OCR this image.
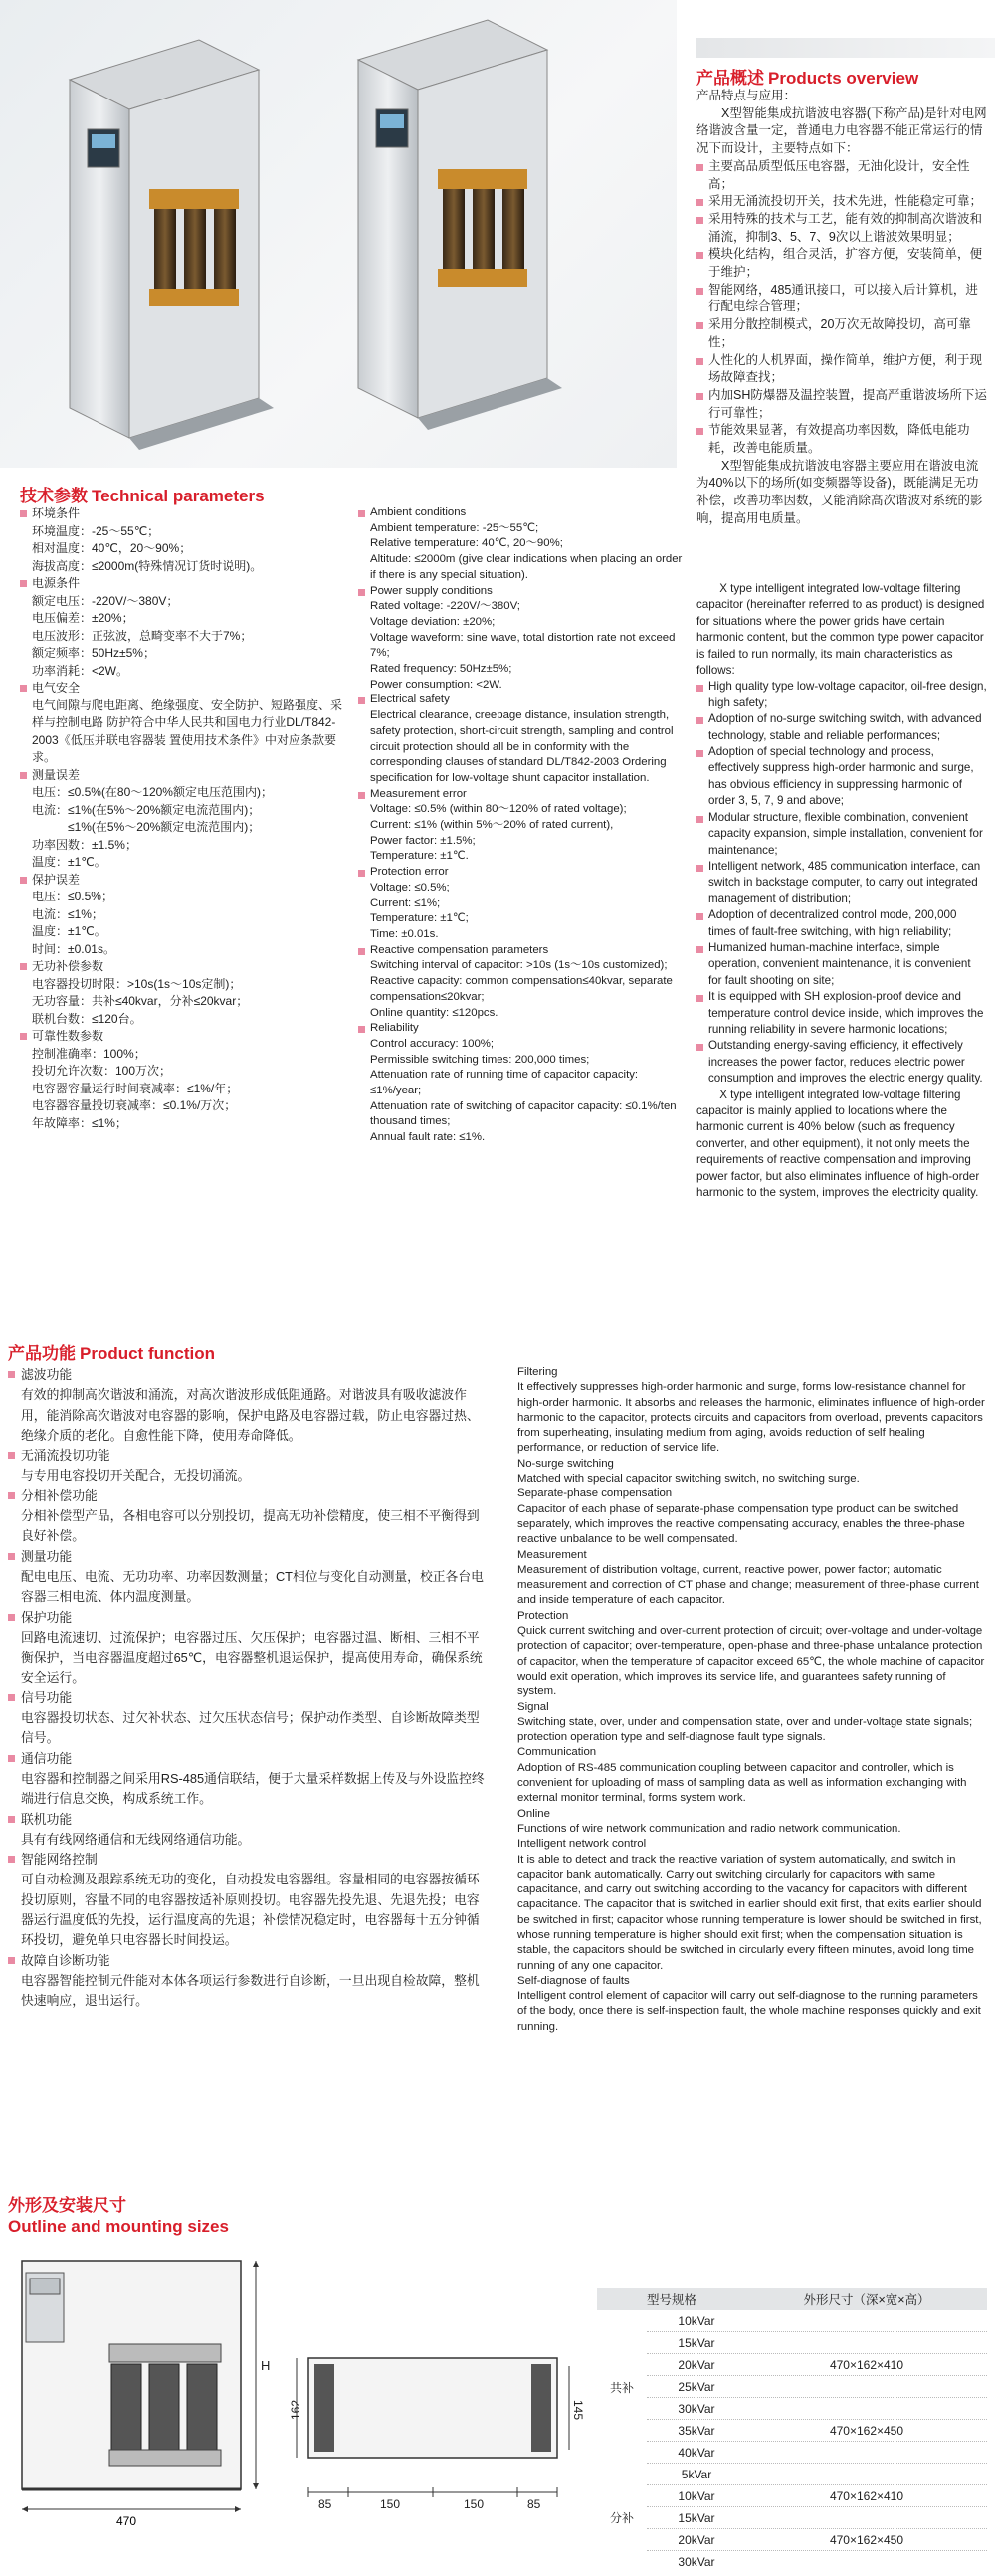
产品概述 Products overview
产品特点与应用：
X型智能集成抗谐波电容器(下称产品)是针对电网络谐波含量一定，普通电力电容器不能正常运行的情况下而设计，主要特点如下：
主要高品质型低压电容器，无油化设计，安全性高；
采用无涌流投切开关，技术先进，性能稳定可靠；
采用特殊的技术与工艺，能有效的抑制高次谐波和涌流，抑制3、5、7、9次以上谐波效果明显；
模块化结构，组合灵活，扩容方便，安装简单，便于维护；
智能网络，485通讯接口，可以接入后计算机，进行配电综合管理；
采用分散控制模式，20万次无故障投切，高可靠性；
人性化的人机界面，操作简单，维护方便，利于现场故障查找；
内加SH防爆器及温控装置，提高严重谐波场所下运行可靠性；
节能效果显著，有效提高功率因数，降低电能功耗，改善电能质量。
X型智能集成抗谐波电容器主要应用在谐波电流为40%以下的场所(如变频器等设备)，既能满足无功补偿，改善功率因数，又能消除高次谐波对系统的影响，提高用电质量。
X type intelligent integrated low-voltage filtering capacitor (hereinafter referred to as product) is designed for situations where the power grids have certain harmonic content, but the common type power capacitor is failed to run normally, its main characteristics as follows:
High quality type low-voltage capacitor, oil-free design, high safety;
Adoption of no-surge switching switch, with advanced technology, stable and reliable performances;
Adoption of special technology and process, effectively suppress high-order harmonic and surge, has obvious efficiency in suppressing harmonic of order 3, 5, 7, 9 and above;
Modular structure, flexible combination, convenient capacity expansion, simple installation, convenient for maintenance;
Intelligent network, 485 communication interface, can switch in backstage computer, to carry out integrated management of distribution;
Adoption of decentralized control mode, 200,000 times of fault-free switching, with high reliability;
Humanized human-machine interface, simple operation, convenient maintenance, it is convenient for fault shooting on site;
It is equipped with SH explosion-proof device and temperature control device inside, which improves the running reliability in severe harmonic locations;
Outstanding energy-saving efficiency, it effectively increases the power factor, reduces electric power consumption and improves the electric energy quality.
X type intelligent integrated low-voltage filtering capacitor is mainly applied to locations where the harmonic current is 40% below (such as frequency converter, and other equipment), it not only meets the requirements of reactive compensation and improving power factor, but also eliminates influence of high-order harmonic to the system, improves the electricity quality.
技术参数 Technical parameters
环境条件
环境温度：-25～55℃；
相对温度：40℃，20～90%；
海拔高度：≤2000m(特殊情况订货时说明)。
电源条件
额定电压：-220V/～380V；
电压偏差：±20%；
电压波形：正弦波，总畸变率不大于7%；
额定频率：50Hz±5%；
功率消耗：<2W。
电气安全
电气间隙与爬电距离、绝缘强度、安全防护、短路强度、采样与控制电路 防护符合中华人民共和国电力行业DL/T842-2003《低压并联电容器装 置使用技术条件》中对应条款要求。
测量误差
电压：≤0.5%(在80～120%额定电压范围内)；
电流：≤1%(在5%～20%额定电流范围内)；
≤1%(在5%～20%额定电流范围内)；
功率因数：±1.5%；
温度：±1℃。
保护误差
电压：≤0.5%；
电流：≤1%；
温度：±1℃。
时间：±0.01s。
无功补偿参数
电容器投切时限：>10s(1s～10s定制)；
无功容量：共补≤40kvar，分补≤20kvar；
联机台数：≤120台。
可靠性数参数
控制准确率：100%；
投切允许次数：100万次；
电容器容量运行时间衰减率：≤1%/年；
电容器容量投切衰减率：≤0.1%/万次；
年故障率：≤1%；
Ambient conditions
Ambient temperature: -25～55℃;
Relative temperature: 40℃, 20～90%;
Altitude: ≤2000m (give clear indications when placing an order if there is any special situation).
Power supply conditions
Rated voltage: -220V/～380V;
Voltage deviation: ±20%;
Voltage waveform: sine wave, total distortion rate not exceed 7%;
Rated frequency: 50Hz±5%;
Power consumption: <2W.
Electrical safety
Electrical clearance, creepage distance, insulation strength, safety protection, short-circuit strength, sampling and control circuit protection should all be in conformity with the corresponding clauses of standard DL/T842-2003 Ordering specification for low-voltage shunt capacitor installation.
Measurement error
Voltage: ≤0.5% (within 80～120% of rated voltage);
Current: ≤1% (within 5%～20% of rated current),
Power factor: ±1.5%;
Temperature: ±1℃.
Protection error
Voltage: ≤0.5%;
Current: ≤1%;
Temperature: ±1℃;
Time: ±0.01s.
Reactive compensation parameters
Switching interval of capacitor: >10s (1s～10s customized);
Reactive capacity: common compensation≤40kvar, separate compensation≤20kvar;
Online quantity: ≤120pcs.
Reliability
Control accuracy: 100%;
Permissible switching times: 200,000 times;
Attenuation rate of running time of capacitor capacity: ≤1%/year;
Attenuation rate of switching of capacitor capacity: ≤0.1%/ten thousand times;
Annual fault rate: ≤1%.
产品功能 Product function
滤波功能
有效的抑制高次谐波和涌流，对高次谐波形成低阻通路。对谐波具有吸收滤波作用，能消除高次谐波对电容器的影响，保护电路及电容器过载，防止电容器过热、绝缘介质的老化。自愈性能下降，使用寿命降低。
无涌流投切功能
与专用电容投切开关配合，无投切涌流。
分相补偿功能
分相补偿型产品，各相电容可以分别投切，提高无功补偿精度，使三相不平衡得到良好补偿。
测量功能
配电电压、电流、无功功率、功率因数测量；CT相位与变化自动测量，校正各台电容器三相电流、体内温度测量。
保护功能
回路电流速切、过流保护；电容器过压、欠压保护；电容器过温、断相、三相不平衡保护，当电容器温度超过65℃，电容器整机退运保护，提高使用寿命，确保系统安全运行。
信号功能
电容器投切状态、过欠补状态、过欠压状态信号；保护动作类型、自诊断故障类型信号。
通信功能
电容器和控制器之间采用RS-485通信联结，便于大量采样数据上传及与外设监控终端进行信息交换，构成系统工作。
联机功能
具有有线网络通信和无线网络通信功能。
智能网络控制
可自动检测及跟踪系统无功的变化，自动投发电容器组。容量相同的电容器按循环投切原则，容量不同的电容器按适补原则投切。电容器先投先退、先退先投；电容器运行温度低的先投，运行温度高的先退；补偿情况稳定时，电容器每十五分钟循环投切，避免单只电容器长时间投运。
故障自诊断功能
电容器智能控制元件能对本体各项运行参数进行自诊断，一旦出现自检故障，整机快速响应，退出运行。
Filtering
It effectively suppresses high-order harmonic and surge, forms low-resistance channel for high-order harmonic. It absorbs and releases the harmonic, eliminates influence of high-order harmonic to the capacitor, protects circuits and capacitors from overload, prevents capacitors from superheating, insulating medium from aging, avoids reduction of self healing performance, or reduction of service life.
No-surge switching
Matched with special capacitor switching switch, no switching surge.
Separate-phase compensation
Capacitor of each phase of separate-phase compensation type product can be switched separately, which improves the reactive compensating accuracy, enables the three-phase reactive unbalance to be well compensated.
Measurement
Measurement of distribution voltage, current, reactive power, power factor; automatic measurement and correction of CT phase and change; measurement of three-phase current and inside temperature of each capacitor.
Protection
Quick current switching and over-current protection of circuit; over-voltage and under-voltage protection of capacitor; over-temperature, open-phase and three-phase unbalance protection of capacitor, when the temperature of capacitor exceed 65℃, the whole machine of capacitor would exit operation, which improves its service life, and guarantees safety running of system.
Signal
Switching state, over, under and compensation state, over and under-voltage state signals; protection operation type and self-diagnose fault type signals.
Communication
Adoption of RS-485 communication coupling between capacitor and controller, which is convenient for uploading of mass of sampling data as well as information exchanging with external monitor terminal, forms system work.
Online
Functions of wire network communication and radio network communication.
Intelligent network control
It is able to detect and track the reactive variation of system automatically, and switch in capacitor bank automatically. Carry out switching circularly for capacitors with same capacitance, and carry out switching according to the vacancy for capacitors with different capacitance. The capacitor that is switched in earlier should exit first, that exits earlier should be switched in first; capacitor whose running temperature is lower should be switched in first, whose running temperature is higher should exit first; when the compensation situation is stable, the capacitors should be switched in circularly every fifteen minutes, avoid long time running of any one capacitor.
Self-diagnose of faults
Intelligent control element of capacitor will carry out self-diagnose to the running parameters of the body, once there is self-inspection fault, the whole machine responses quickly and exit running.
外形及安装尺寸
Outline and mounting sizes
470
H
162	145
85	150	150	85
型号规格	外形尺寸（深×宽×高）
共补
10kVar
15kVar
20kVar	470×162×410
25kVar
30kVar
35kVar	470×162×450
40kVar
分补
5kVar
10kVar	470×162×410
15kVar
20kVar	470×162×450
30kVar
